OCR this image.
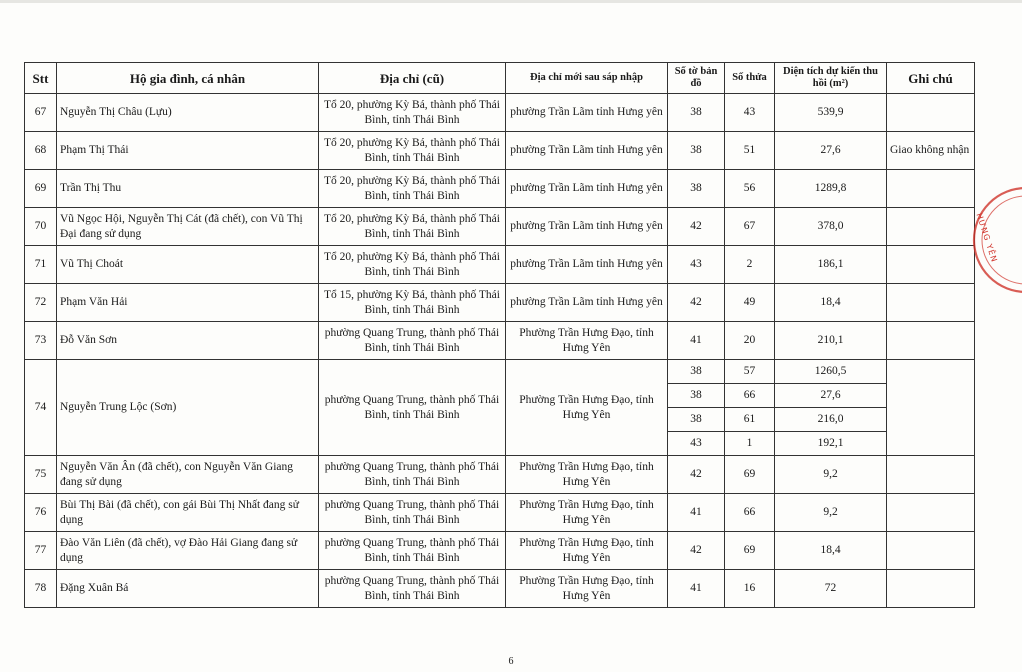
Stt	Hộ gia đình, cá nhân	Địa chỉ (cũ)	Địa chỉ mới sau sáp nhập	Số tờ bản đồ	Số thửa	Diện tích dự kiến thu hồi (m²)	Ghi chú
67	Nguyễn Thị Châu (Lựu)	Tổ 20, phường Kỳ Bá, thành phố Thái Bình, tỉnh Thái Bình	phường Trần Lãm tỉnh Hưng yên	38	43	539,9	
68	Phạm Thị Thái	Tổ 20, phường Kỳ Bá, thành phố Thái Bình, tỉnh Thái Bình	phường Trần Lãm tỉnh Hưng yên	38	51	27,6	Giao không nhận
69	Trần Thị Thu	Tổ 20, phường Kỳ Bá, thành phố Thái Bình, tỉnh Thái Bình	phường Trần Lãm tỉnh Hưng yên	38	56	1289,8	
70	Vũ Ngọc Hội, Nguyễn Thị Cát (đã chết), con Vũ Thị Đại đang sử dụng	Tổ 20, phường Kỳ Bá, thành phố Thái Bình, tỉnh Thái Bình	phường Trần Lãm tỉnh Hưng yên	42	67	378,0	
71	Vũ Thị Choát	Tổ 20, phường Kỳ Bá, thành phố Thái Bình, tỉnh Thái Bình	phường Trần Lãm tỉnh Hưng yên	43	2	186,1	
72	Phạm Văn Hải	Tổ 15, phường Kỳ Bá, thành phố Thái Bình, tỉnh Thái Bình	phường Trần Lãm tỉnh Hưng yên	42	49	18,4	
73	Đỗ Văn Sơn	phường Quang Trung, thành phố Thái Bình, tỉnh Thái Bình	Phường Trần Hưng Đạo, tỉnh Hưng Yên	41	20	210,1	
74	Nguyễn Trung Lộc (Sơn)	phường Quang Trung, thành phố Thái Bình, tỉnh Thái Bình	Phường Trần Hưng Đạo, tỉnh Hưng Yên	38	57	1260,5	
				38	66	27,6	
				38	61	216,0	
				43	1	192,1	
75	Nguyễn Văn Ân (đã chết), con Nguyễn Văn Giang đang sử dụng	phường Quang Trung, thành phố Thái Bình, tỉnh Thái Bình	Phường Trần Hưng Đạo, tỉnh Hưng Yên	42	69	9,2	
76	Bùi Thị Bài (đã chết), con gái Bùi Thị Nhất đang sử dụng	phường Quang Trung, thành phố Thái Bình, tỉnh Thái Bình	Phường Trần Hưng Đạo, tỉnh Hưng Yên	41	66	9,2	
77	Đào Văn Liên (đã chết), vợ Đào Hải Giang đang sử dụng	phường Quang Trung, thành phố Thái Bình, tỉnh Thái Bình	Phường Trần Hưng Đạo, tỉnh Hưng Yên	42	69	18,4	
78	Đặng Xuân Bá	phường Quang Trung, thành phố Thái Bình, tỉnh Thái Bình	Phường Trần Hưng Đạo, tỉnh Hưng Yên	41	16	72	
HƯNG YÊN
6
